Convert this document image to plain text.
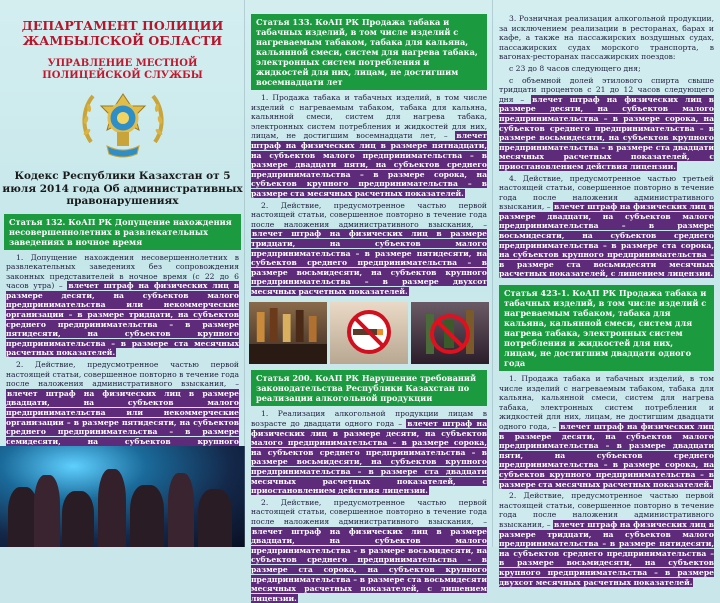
ДЕПАРТАМЕНТ ПОЛИЦИИ ЖАМБЫЛСКОЙ ОБЛАСТИ
УПРАВЛЕНИЕ МЕСТНОЙ ПОЛИЦЕЙСКОЙ СЛУЖБЫ
Кодекс Республики Казахстан от 5 июля 2014 года Об административных правонарушениях
Статья 132. КоАП РК Допущение нахождения несовершеннолетних в развлекательных заведениях в ночное время

1. Допущение нахождения несовершеннолетних в развлекательных заведениях без сопровождения законных представителей в ночное время (с 22 до 6 часов утра) – влечет штраф на физических лиц в размере десяти, на субъектов малого предпринимательства или некоммерческие организации – в размере тридцати, на субъектов среднего предпринимательства – в размере пятидесяти, на субъектов крупного предпринимательства – в размере ста месячных расчетных показателей.

2. Действие, предусмотренное частью первой настоящей статьи, совершенное повторно в течение года после наложения административного взыскания, – влечет штраф на физических лиц в размере двадцати, на субъектов малого предпринимательства или некоммерческие организации – в размере пятидесяти, на субъектов среднего предпринимательства – в размере семидесяти, на субъектов крупного

Статья 133. КоАП РК Продажа табака и табачных изделий, в том числе изделий с нагреваемым табаком, табака для кальяна, кальянной смеси, систем для нагрева табака, электронных систем потребления и жидкостей для них, лицам, не достигшим восемнадцати лет

1. Продажа табака и табачных изделий, в том числе изделий с нагреваемым табаком, табака для кальяна, кальянной смеси, систем для нагрева табака, электронных систем потребления и жидкостей для них, лицам, не достигшим восемнадцати лет, – влечет штраф на физических лиц в размере пятнадцати, на субъектов малого предпринимательства – в размере двадцати пяти, на субъектов среднего предпринимательства – в размере сорока, на субъектов крупного предпринимательства – в размере ста месячных расчетных показателей.

2. Действие, предусмотренное частью первой настоящей статьи, совершенное повторно в течение года после наложения административного взыскания, – влечет штраф на физических лиц в размере тридцати, на субъектов малого предпринимательства – в размере пятидесяти, на субъектов среднего предпринимательства – в размере восьмидесяти, на субъектов крупного предпринимательства – в размере двухсот месячных расчетных показателей.

Статья 200. КоАП РК Нарушение требований законодательства Республики Казахстан по реализации алкогольной продукции

1. Реализация алкогольной продукции лицам в возрасте до двадцати одного года – влечет штраф на физических лиц в размере десяти, на субъектов малого предпринимательства – в размере сорока, на субъектов среднего предпринимательства – в размере восьмидесяти, на субъектов крупного предпринимательства – в размере ста двадцати месячных расчетных показателей, с приостановлением действия лицензии.

2. Действие, предусмотренное частью первой настоящей статьи, совершенное повторно в течение года после наложения административного взыскания, – влечет штраф на физических лиц в размере двадцати, на субъектов малого предпринимательства – в размере восьмидесяти, на субъектов среднего предпринимательства – в размере ста сорока, на субъектов крупного предпринимательства – в размере ста восьмидесяти месячных расчетных показателей, с лишением лицензии.

3. Розничная реализация алкогольной продукции, за исключением реализации в ресторанах, барах и кафе, а также на пассажирских воздушных судах, пассажирских судах морского транспорта, в вагонах-ресторанах пассажирских поездов:

с 23 до 8 часов следующего дня;

с объемной долей этилового спирта свыше тридцати процентов с 21 до 12 часов следующего дня – влечет штраф на физических лиц в размере десяти, на субъектов малого предпринимательства – в размере сорока, на субъектов среднего предпринимательства – в размере восьмидесяти, на субъектов крупного предпринимательства – в размере ста двадцати месячных расчетных показателей, с приостановлением действия лицензии.

4. Действие, предусмотренное частью третьей настоящей статьи, совершенное повторно в течение года после наложения административного взыскания, – влечет штраф на физических лиц в размере двадцати, на субъектов малого предпринимательства – в размере восьмидесяти, на субъектов среднего предпринимательства – в размере ста сорока, на субъектов крупного предпринимательства – в размере ста восьмидесяти месячных расчетных показателей, с лишением лицензии.

Статья 423-1. КоАП РК Продажа табака и табачных изделий, в том числе изделий с нагреваемым табаком, табака для кальяна, кальянной смеси, систем для нагрева табака, электронных систем потребления и жидкостей для них, лицам, не достигшим двадцати одного года

1. Продажа табака и табачных изделий, в том числе изделий с нагреваемым табаком, табака для кальяна, кальянной смеси, систем для нагрева табака, электронных систем потребления и жидкостей для них, лицам, не достигшим двадцати одного года, – влечет штраф на физических лиц в размере десяти, на субъектов малого предпринимательства – в размере двадцати пяти, на субъектов среднего предпринимательства – в размере сорока, на субъектов крупного предпринимательства – в размере ста месячных расчетных показателей.

2. Действие, предусмотренное частью первой настоящей статьи, совершенное повторно в течение года после наложения административного взыскания, – влечет штраф на физических лиц в размере тридцати, на субъектов малого предпринимательства – в размере пятидесяти, на субъектов среднего предпринимательства – в размере восьмидесяти, на субъектов крупного предпринимательства – в размере двухсот месячных расчетных показателей.
